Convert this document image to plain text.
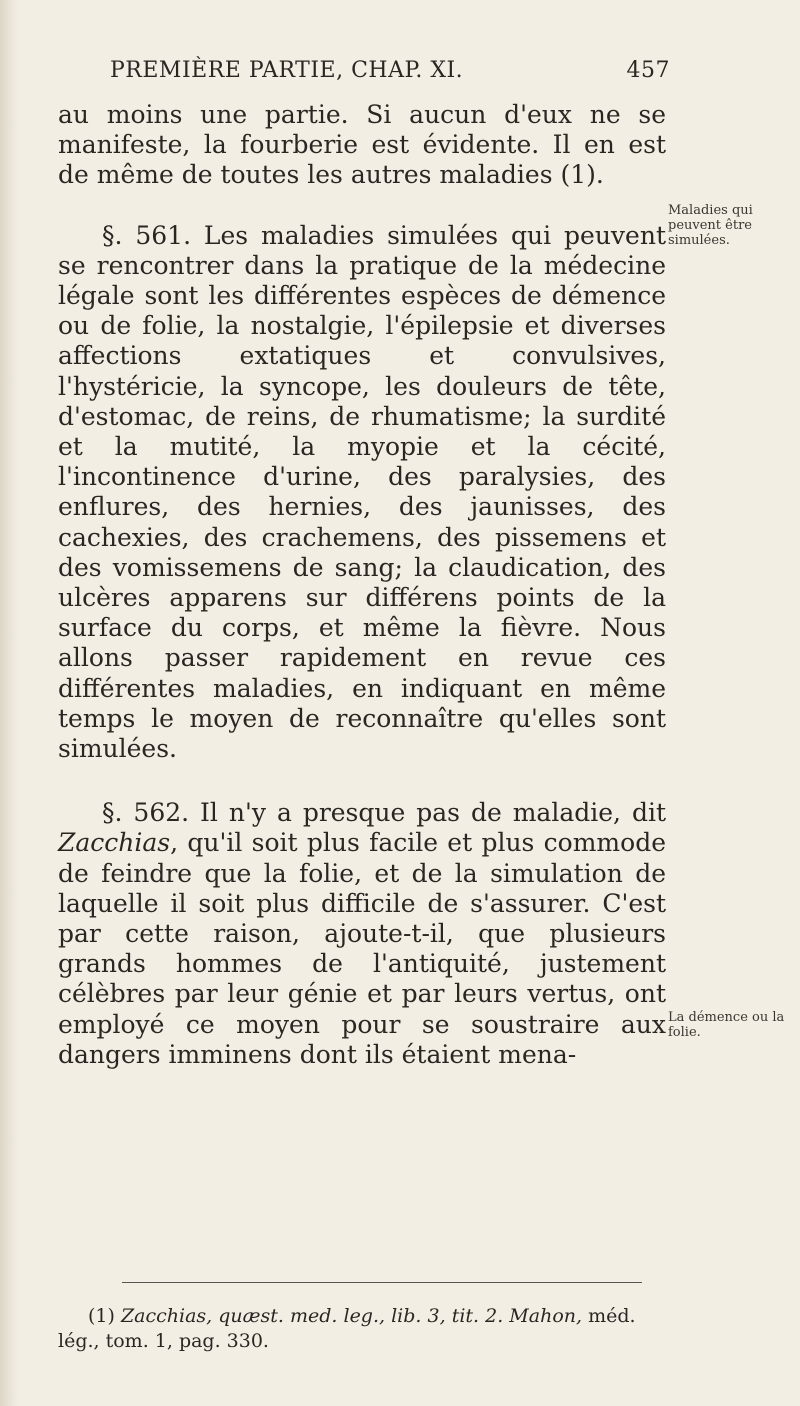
PREMIÈRE PARTIE, CHAP. XI.	457

au moins une partie. Si aucun d'eux ne se manifeste, la fourberie est évidente. Il en est de même de toutes les autres maladies (1).

§. 561. Les maladies simulées qui peuvent se rencontrer dans la pratique de la médecine légale sont les différentes espèces de démence ou de folie, la nostalgie, l'épilepsie et diverses affections extatiques et convulsives, l'hystéricie, la syncope, les douleurs de tête, d'estomac, de reins, de rhumatisme; la surdité et la mutité, la myopie et la cécité, l'incontinence d'urine, des paralysies, des enflures, des hernies, des jaunisses, des cachexies, des crachemens, des pissemens et des vomissemens de sang; la claudication, des ulcères apparens sur différens points de la surface du corps, et même la fièvre. Nous allons passer rapidement en revue ces différentes maladies, en indiquant en même temps le moyen de reconnaître qu'elles sont simulées.

§. 562. Il n'y a presque pas de maladie, dit Zacchias, qu'il soit plus facile et plus commode de feindre que la folie, et de la simulation de laquelle il soit plus difficile de s'assurer. C'est par cette raison, ajoute-t-il, que plusieurs grands hommes de l'antiquité, justement célèbres par leur génie et par leurs vertus, ont employé ce moyen pour se soustraire aux dangers imminens dont ils étaient mena-

Maladies qui peuvent être simulées.
La démence ou la folie.

(1) Zacchias, quæst. med. leg., lib. 3, tit. 2. Mahon, méd. lég., tom. 1, pag. 330.
